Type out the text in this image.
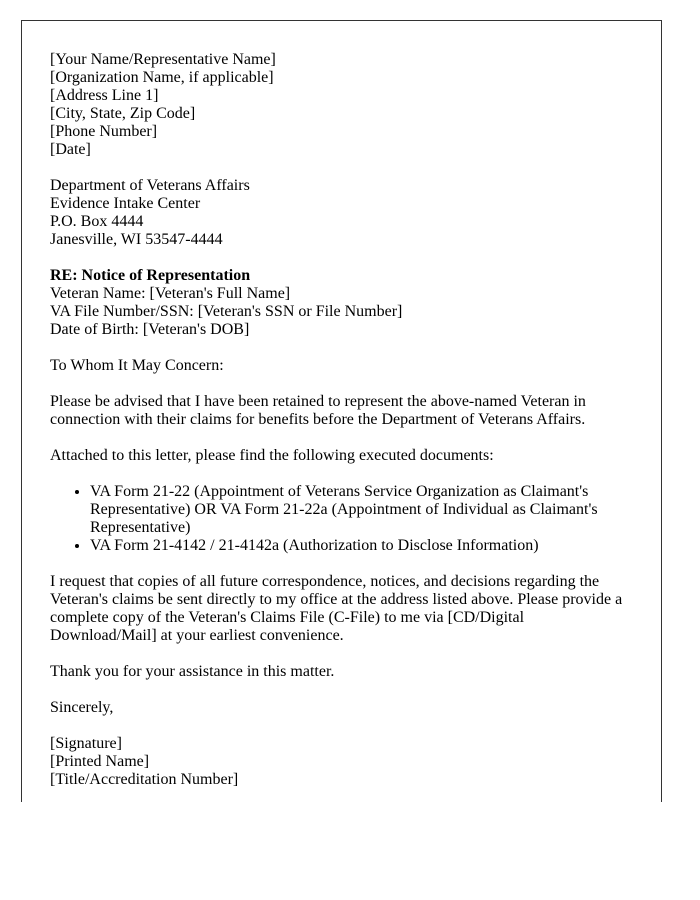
[Your Name/Representative Name]
[Organization Name, if applicable]
[Address Line 1]
[City, State, Zip Code]
[Phone Number]
[Date]
Department of Veterans Affairs
Evidence Intake Center
P.O. Box 4444
Janesville, WI 53547-4444
RE: Notice of Representation
Veteran Name: [Veteran's Full Name]
VA File Number/SSN: [Veteran's SSN or File Number]
Date of Birth: [Veteran's DOB]
To Whom It May Concern:
Please be advised that I have been retained to represent the above-named Veteran in connection with their claims for benefits before the Department of Veterans Affairs.
Attached to this letter, please find the following executed documents:
• VA Form 21-22 (Appointment of Veterans Service Organization as Claimant's Representative) OR VA Form 21-22a (Appointment of Individual as Claimant's Representative)
• VA Form 21-4142 / 21-4142a (Authorization to Disclose Information)
I request that copies of all future correspondence, notices, and decisions regarding the Veteran's claims be sent directly to my office at the address listed above. Please provide a complete copy of the Veteran's Claims File (C-File) to me via [CD/Digital Download/Mail] at your earliest convenience.
Thank you for your assistance in this matter.
Sincerely,
[Signature]
[Printed Name]
[Title/Accreditation Number]
